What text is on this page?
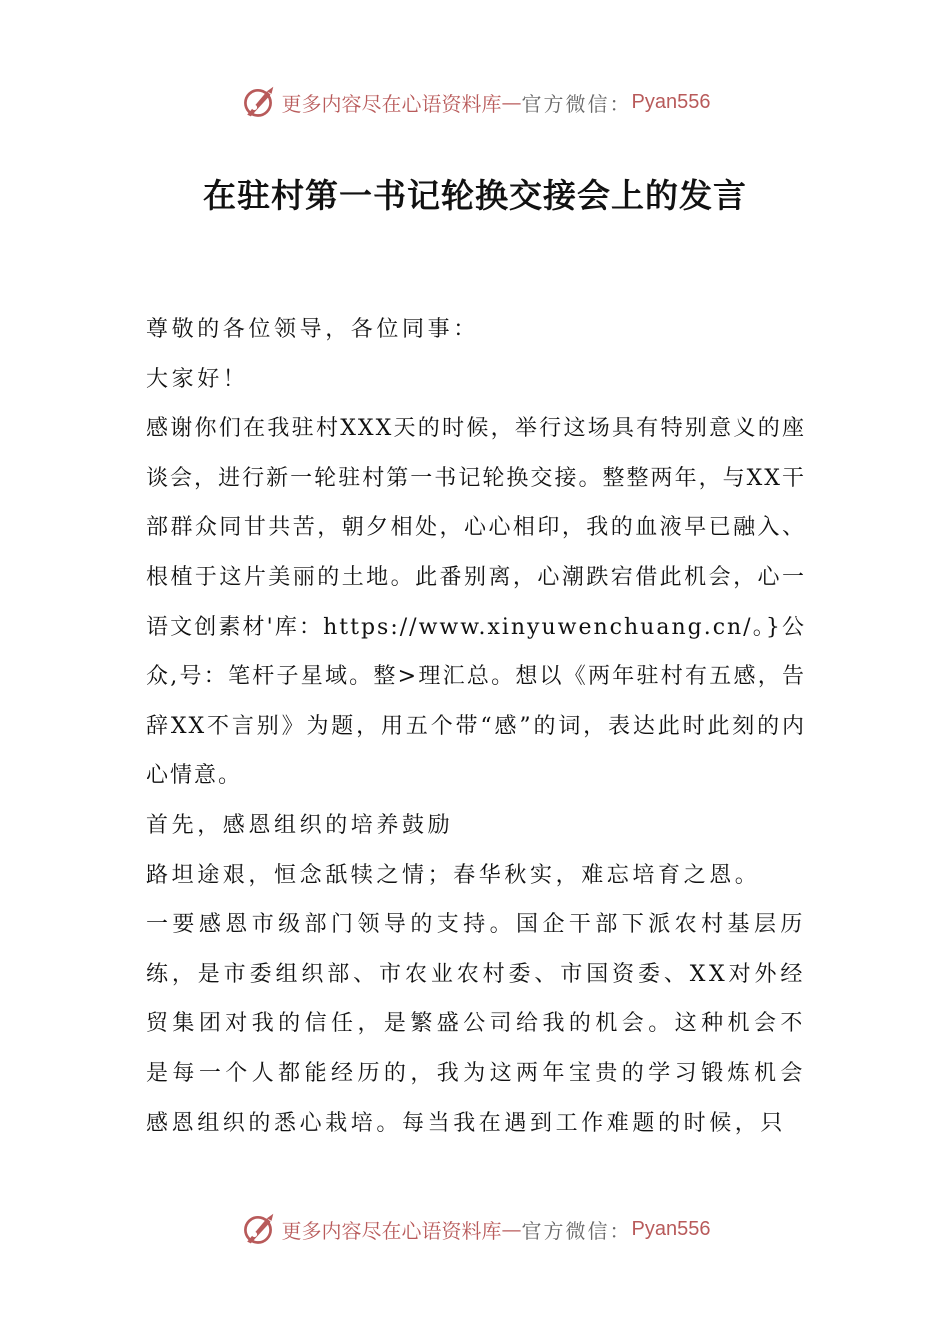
更多内容尽在心语资料库 — 官方微信： Pyan556
在驻村第一书记轮换交接会上的发言

尊敬的各位领导，各位同事：

大家好！

感谢你们在我驻村XXX天的时候，举行这场具有特别意义的座谈会，进行新一轮驻村第一书记轮换交接。整整两年，与XX干部群众同甘共苦，朝夕相处，心心相印，我的血液早已融入、根植于这片美丽的土地。此番别离，心潮跌宕借此机会，心一语文创素材'库：https://www.xinyuwenchuang.cn/。}公众,号：笔杆子星域。整>理汇总。想以《两年驻村有五感，告辞XX不言别》为题，用五个带“感”的词，表达此时此刻的内心情意。

首先，感恩组织的培养鼓励

路坦途艰，恒念舐犊之情；春华秋实，难忘培育之恩。

一要感恩市级部门领导的支持。国企干部下派农村基层历练，是市委组织部、市农业农村委、市国资委、XX对外经贸集团对我的信任，是繁盛公司给我的机会。这种机会不是每一个人都能经历的，我为这两年宝贵的学习锻炼机会感恩组织的悉心栽培。每当我在遇到工作难题的时候，只

更多内容尽在心语资料库 — 官方微信： Pyan556
